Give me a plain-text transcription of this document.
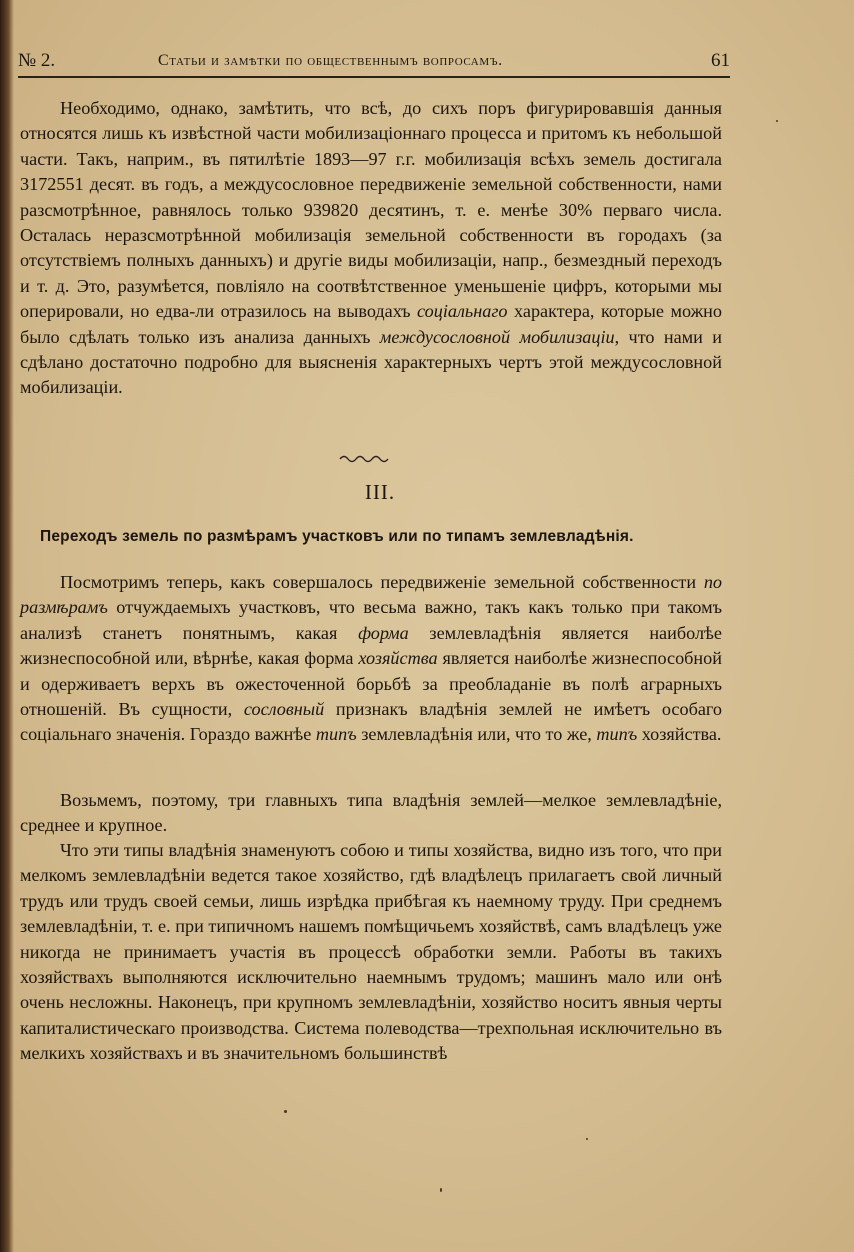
№ 2.	Статьи и замѣтки по общественнымъ вопросамъ.	61

Необходимо, однако, замѣтить, что всѣ, до сихъ поръ фигурировавшія данныя относятся лишь къ извѣстной части мобилизаціоннаго процесса и притомъ къ небольшой части. Такъ, наприм., въ пятилѣтіе 1893—97 г.г. мобилизація всѣхъ земель достигала 3172551 десят. въ годъ, а междусословное передвиженіе земельной собственности, нами разсмотрѣнное, равнялось только 939820 десятинъ, т. е. менѣе 30% перваго числа. Осталась неразсмотрѣнной мобилизація земельной собственности въ городахъ (за отсутствіемъ полныхъ данныхъ) и другіе виды мобилизаціи, напр., безмездный переходъ и т. д. Это, разумѣется, повліяло на соотвѣтственное уменьшеніе цифръ, которыми мы оперировали, но едва-ли отразилось на выводахъ соціальнаго характера, которые можно было сдѣлать только изъ анализа данныхъ междусословной мобилизаціи, что нами и сдѣлано достаточно подробно для выясненія характерныхъ чертъ этой междусословной мобилизаціи.

III.
Переходъ земель по размѣрамъ участковъ или по типамъ землевладѣнія.

Посмотримъ теперь, какъ совершалось передвиженіе земельной собственности по размѣрамъ отчуждаемыхъ участковъ, что весьма важно, такъ какъ только при такомъ анализѣ станетъ понятнымъ, какая форма землевладѣнія является наиболѣе жизнеспособной или, вѣрнѣе, какая форма хозяйства является наиболѣе жизнеспособной и одерживаетъ верхъ въ ожесточенной борьбѣ за преобладаніе въ полѣ аграрныхъ отношеній. Въ сущности, сословный признакъ владѣнія землей не имѣетъ особаго соціальнаго значенія. Гораздо важнѣе типъ землевладѣнія или, что то же, типъ хозяйства.

Возьмемъ, поэтому, три главныхъ типа владѣнія землей—мелкое землевладѣніе, среднее и крупное.

Что эти типы владѣнія знаменуютъ собою и типы хозяйства, видно изъ того, что при мелкомъ землевладѣніи ведется такое хозяйство, гдѣ владѣлецъ прилагаетъ свой личный трудъ или трудъ своей семьи, лишь изрѣдка прибѣгая къ наемному труду. При среднемъ землевладѣніи, т. е. при типичномъ нашемъ помѣщичьемъ хозяйствѣ, самъ владѣлецъ уже никогда не принимаетъ участія въ процессѣ обработки земли. Работы въ такихъ хозяйствахъ выполняются исключительно наемнымъ трудомъ; машинъ мало или онѣ очень несложны. Наконецъ, при крупномъ землевладѣніи, хозяйство носитъ явныя черты капиталистическаго производства. Система полеводства—трехпольная исключительно въ мелкихъ хозяйствахъ и въ значительномъ большинствѣ
